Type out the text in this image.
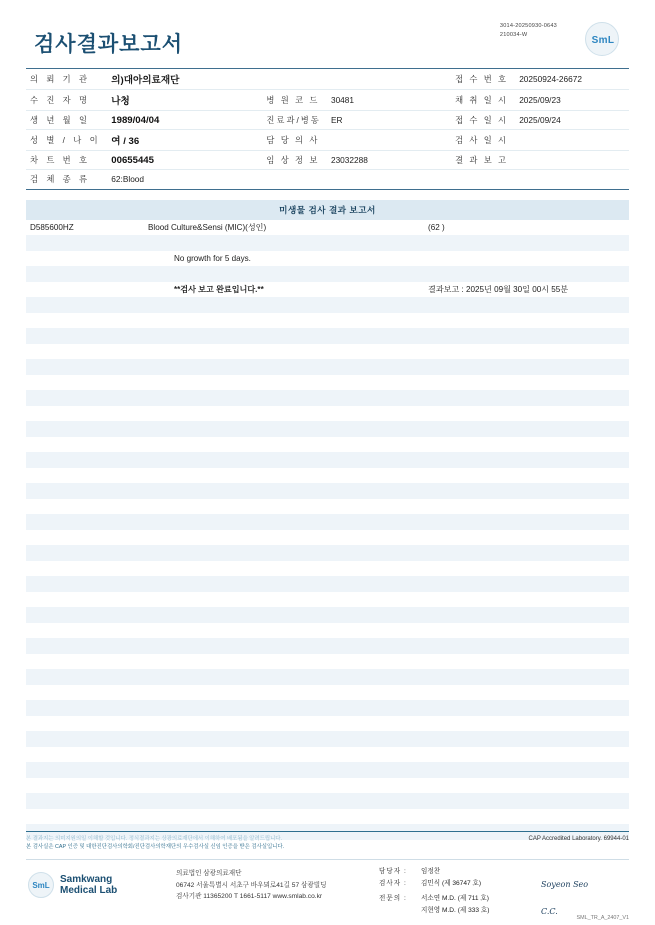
검사결과보고서
3014-20250930-0643
210034-W	SmL
의 뢰 기 관	의)대아의료재단			접 수 번 호	20250924-26672
수 진 자 명	나청	병 원 코 드	30481	채 취 일 시	2025/09/23
생 년 월 일	1989/04/04	진료과/병동	ER	접 수 일 시	2025/09/24
성 별 / 나 이	여 / 36	담 당 의 사		검 사 일 시	
차 트 번 호	00655445	임 상 정 보	23032288	결 과 보 고	
검 체 종 류	62:Blood				
미생물 검사 결과 보고서
D585600HZ	Blood Culture&Sensi (MIC)(성인)	(62 )	

	No growth for 5 days.		

	**검사 보고 완료입니다.**	결과보고 : 2025년 09월 30일 00시 55분	

본 결과지는 의미지원의일 이해할 것입니다. 정식결과지는 상광의료재단에서 이해하여 배포됨을 알려드립니다.
본 검사실은 CAP 인증 및 대한진단검사의학회/진단검사의학재단의 우수검사실 신임 인증을 받은 검사실입니다.
CAP Accredited Laboratory. 69944-01
SmL
Samkwang
Medical Lab
의료법인 삼광의료재단
06742 서울특별시 서초구 바우뫼로41길 57 삼광빌딩
검사기관 11365200 T 1661-5117 www.smlab.co.kr
담당자 :	임정찬
검사자 :	김민식 (제 36747 호)	Soyeon Seo
전문의 :	서소연 M.D. (제 711 호)
지현영 M.D. (제 333 호)	C.C.
SML_TR_A_2407_V1
